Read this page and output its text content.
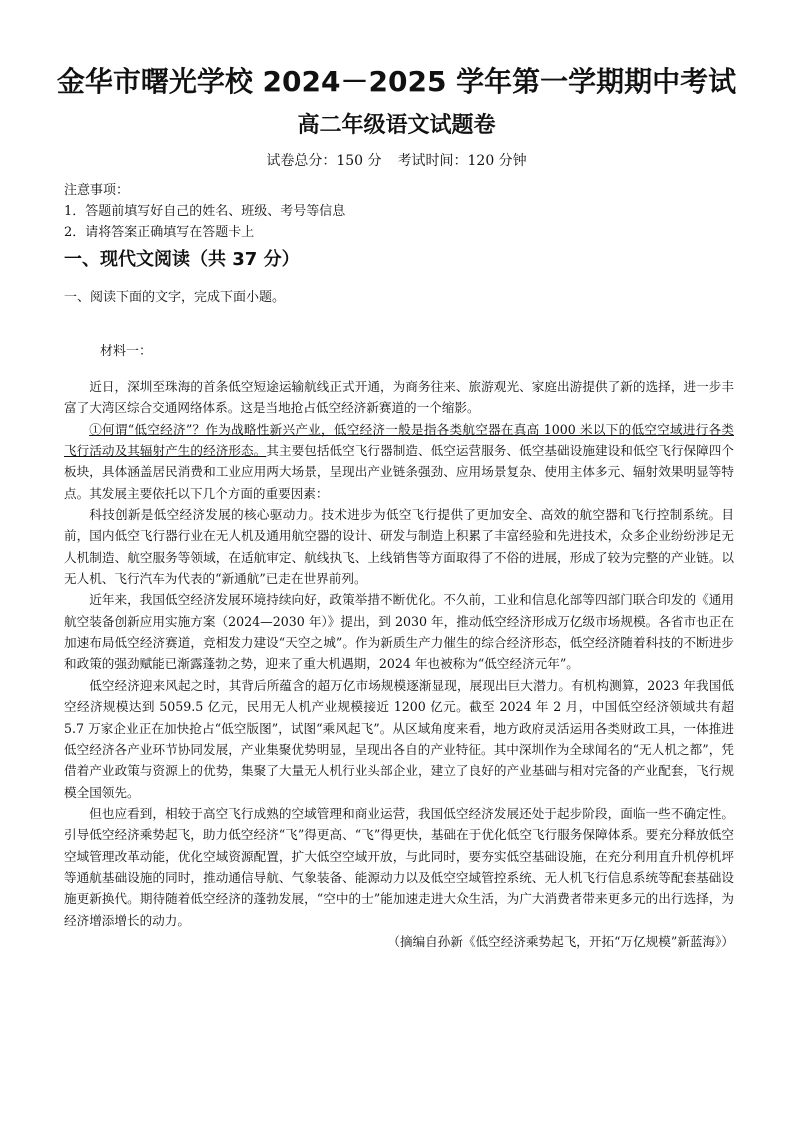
金华市曙光学校 2024－2025 学年第一学期期中考试
高二年级语文试题卷
试卷总分：150 分 考试时间：120 分钟
注意事项：
1．答题前填写好自己的姓名、班级、考号等信息
2．请将答案正确填写在答题卡上
一、现代文阅读（共 37 分）
一、阅读下面的文字，完成下面小题。
材料一：

近日，深圳至珠海的首条低空短途运输航线正式开通，为商务往来、旅游观光、家庭出游提供了新的选择，进一步丰富了大湾区综合交通网络体系。这是当地抢占低空经济新赛道的一个缩影。

①何谓“低空经济”？作为战略性新兴产业，低空经济一般是指各类航空器在真高 1000 米以下的低空空域进行各类飞行活动及其辐射产生的经济形态。其主要包括低空飞行器制造、低空运营服务、低空基础设施建设和低空飞行保障四个板块，具体涵盖居民消费和工业应用两大场景，呈现出产业链条强劲、应用场景复杂、使用主体多元、辐射效果明显等特点。其发展主要依托以下几个方面的重要因素：

科技创新是低空经济发展的核心驱动力。技术进步为低空飞行提供了更加安全、高效的航空器和飞行控制系统。目前，国内低空飞行器行业在无人机及通用航空器的设计、研发与制造上积累了丰富经验和先进技术，众多企业纷纷涉足无人机制造、航空服务等领域，在适航审定、航线执飞、上线销售等方面取得了不俗的进展，形成了较为完整的产业链。以无人机、飞行汽车为代表的“新通航”已走在世界前列。

近年来，我国低空经济发展环境持续向好，政策举措不断优化。不久前，工业和信息化部等四部门联合印发的《通用航空装备创新应用实施方案（2024—2030 年）》提出，到 2030 年，推动低空经济形成万亿级市场规模。各省市也正在加速布局低空经济赛道，竞相发力建设“天空之城”。作为新质生产力催生的综合经济形态，低空经济随着科技的不断进步和政策的强劲赋能已渐露蓬勃之势，迎来了重大机遇期，2024 年也被称为“低空经济元年”。

低空经济迎来风起之时，其背后所蕴含的超万亿市场规模逐渐显现，展现出巨大潜力。有机构测算，2023 年我国低空经济规模达到 5059.5 亿元，民用无人机产业规模接近 1200 亿元。截至 2024 年 2 月，中国低空经济领域共有超 5.7 万家企业正在加快抢占“低空版图”，试图“乘风起飞”。从区域角度来看，地方政府灵活运用各类财政工具，一体推进低空经济各产业环节协同发展，产业集聚优势明显，呈现出各自的产业特征。其中深圳作为全球闻名的“无人机之都”，凭借着产业政策与资源上的优势，集聚了大量无人机行业头部企业，建立了良好的产业基础与相对完备的产业配套，飞行规模全国领先。

但也应看到，相较于高空飞行成熟的空域管理和商业运营，我国低空经济发展还处于起步阶段，面临一些不确定性。引导低空经济乘势起飞，助力低空经济“飞”得更高、“飞”得更快，基础在于优化低空飞行服务保障体系。要充分释放低空空域管理改革动能，优化空域资源配置，扩大低空空域开放，与此同时，要夯实低空基础设施，在充分利用直升机停机坪等通航基础设施的同时，推动通信导航、气象装备、能源动力以及低空空域管控系统、无人机飞行信息系统等配套基础设施更新换代。期待随着低空经济的蓬勃发展，“空中的士”能加速走进大众生活，为广大消费者带来更多元的出行选择，为经济增添增长的动力。

（摘编自孙新《低空经济乘势起飞，开拓“万亿规模”新蓝海》）
